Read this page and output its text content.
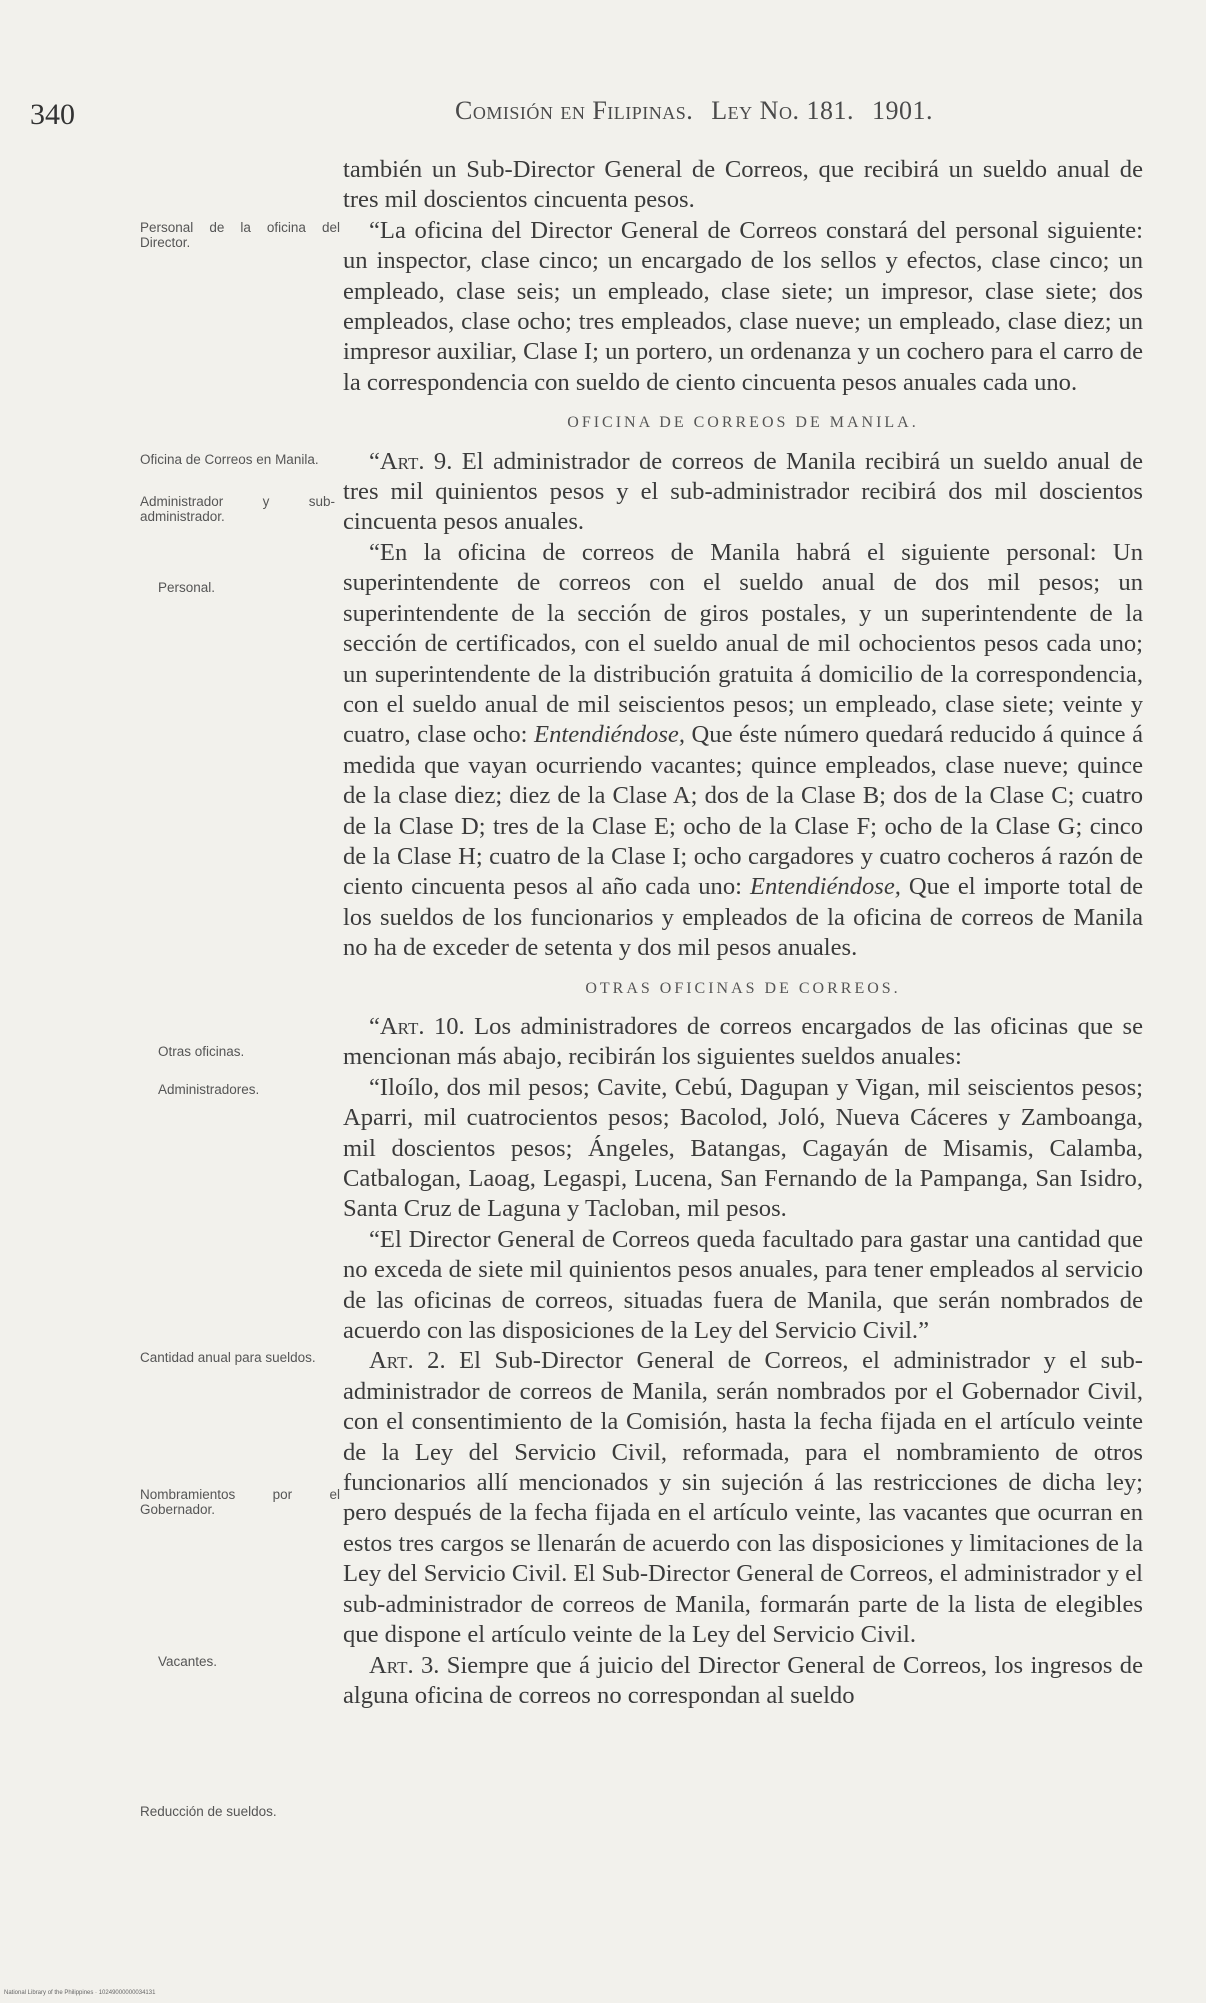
340	Comisión en Filipinas. Ley No. 181. 1901.
Personal de la oficina del Director.
Oficina de Correos en Manila.
Administrador y sub-administrador.
Personal.
Otras oficinas.
Administradores.
Cantidad anual para sueldos.
Nombramientos por el Gobernador.
Vacantes.
Reducción de sueldos.

también un Sub-Director General de Correos, que recibirá un sueldo anual de tres mil doscientos cincuenta pesos.

“La oficina del Director General de Correos constará del personal siguiente: un inspector, clase cinco; un encargado de los sellos y efectos, clase cinco; un empleado, clase seis; un empleado, clase siete; un impresor, clase siete; dos empleados, clase ocho; tres empleados, clase nueve; un empleado, clase diez; un impresor auxiliar, Clase I; un portero, un ordenanza y un cochero para el carro de la correspondencia con sueldo de ciento cincuenta pesos anuales cada uno.

OFICINA DE CORREOS DE MANILA.

“Art. 9. El administrador de correos de Manila recibirá un sueldo anual de tres mil quinientos pesos y el sub-administrador recibirá dos mil doscientos cincuenta pesos anuales.

“En la oficina de correos de Manila habrá el siguiente personal: Un superintendente de correos con el sueldo anual de dos mil pesos; un superintendente de la sección de giros postales, y un superintendente de la sección de certificados, con el sueldo anual de mil ochocientos pesos cada uno; un superintendente de la distribución gratuita á domicilio de la correspondencia, con el sueldo anual de mil seiscientos pesos; un empleado, clase siete; veinte y cuatro, clase ocho: Entendiéndose, Que éste número quedará reducido á quince á medida que vayan ocurriendo vacantes; quince empleados, clase nueve; quince de la clase diez; diez de la Clase A; dos de la Clase B; dos de la Clase C; cuatro de la Clase D; tres de la Clase E; ocho de la Clase F; ocho de la Clase G; cinco de la Clase H; cuatro de la Clase I; ocho cargadores y cuatro cocheros á razón de ciento cincuenta pesos al año cada uno: Entendiéndose, Que el importe total de los sueldos de los funcionarios y empleados de la oficina de correos de Manila no ha de exceder de setenta y dos mil pesos anuales.

OTRAS OFICINAS DE CORREOS.

“Art. 10. Los administradores de correos encargados de las oficinas que se mencionan más abajo, recibirán los siguientes sueldos anuales:

“Iloílo, dos mil pesos; Cavite, Cebú, Dagupan y Vigan, mil seiscientos pesos; Aparri, mil cuatrocientos pesos; Bacolod, Joló, Nueva Cáceres y Zamboanga, mil doscientos pesos; Ángeles, Batangas, Cagayán de Misamis, Calamba, Catbalogan, Laoag, Legaspi, Lucena, San Fernando de la Pampanga, San Isidro, Santa Cruz de Laguna y Tacloban, mil pesos.

“El Director General de Correos queda facultado para gastar una cantidad que no exceda de siete mil quinientos pesos anuales, para tener empleados al servicio de las oficinas de correos, situadas fuera de Manila, que serán nombrados de acuerdo con las disposiciones de la Ley del Servicio Civil.”

Art. 2. El Sub-Director General de Correos, el administrador y el sub-administrador de correos de Manila, serán nombrados por el Gobernador Civil, con el consentimiento de la Comisión, hasta la fecha fijada en el artículo veinte de la Ley del Servicio Civil, reformada, para el nombramiento de otros funcionarios allí mencionados y sin sujeción á las restricciones de dicha ley; pero después de la fecha fijada en el artículo veinte, las vacantes que ocurran en estos tres cargos se llenarán de acuerdo con las disposiciones y limitaciones de la Ley del Servicio Civil. El Sub-Director General de Correos, el administrador y el sub-administrador de correos de Manila, formarán parte de la lista de elegibles que dispone el artículo veinte de la Ley del Servicio Civil.

Art. 3. Siempre que á juicio del Director General de Correos, los ingresos de alguna oficina de correos no correspondan al sueldo

National Library of the Philippines · 10249000000034131
